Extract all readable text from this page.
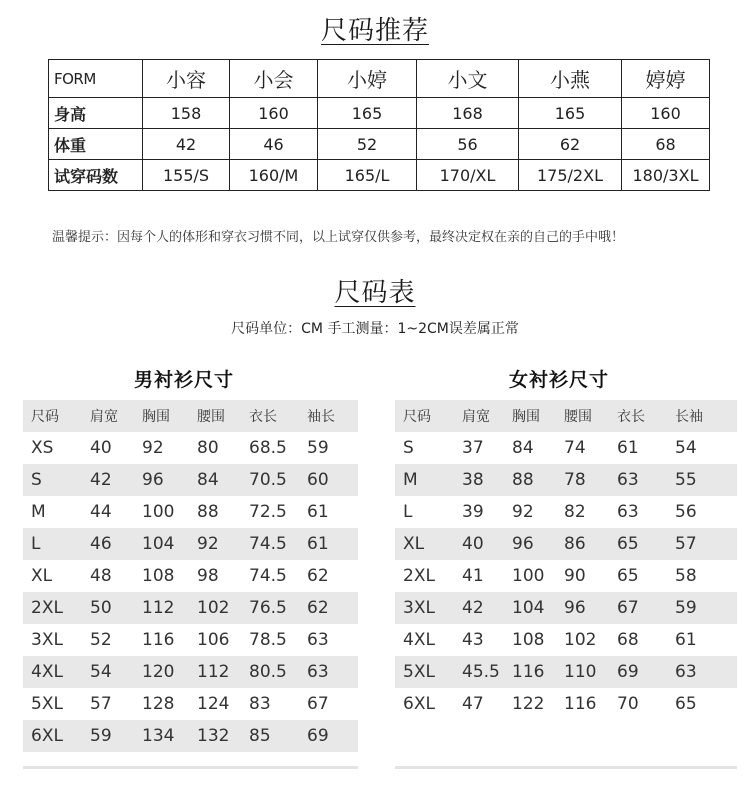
尺码推荐
FORM	小容	小会	小婷	小文	小燕	婷婷
身高	158	160	165	168	165	160
体重	42	46	52	56	62	68
试穿码数	155/S	160/M	165/L	170/XL	175/2XL	180/3XL
温馨提示：因每个人的体形和穿衣习惯不同，以上试穿仅供参考，最终决定权在亲的自己的手中哦！
尺码表
尺码单位：CM 手工测量：1~2CM误差属正常
男衬衫尺寸	女衬衫尺寸
尺码	肩宽	胸围	腰围	衣长	袖长
XS	40	92	80	68.5	59
S	42	96	84	70.5	60
M	44	100	88	72.5	61
L	46	104	92	74.5	61
XL	48	108	98	74.5	62
2XL	50	112	102	76.5	62
3XL	52	116	106	78.5	63
4XL	54	120	112	80.5	63
5XL	57	128	124	83	67
6XL	59	134	132	85	69
尺码	肩宽	胸围	腰围	衣长	长袖
S	37	84	74	61	54
M	38	88	78	63	55
L	39	92	82	63	56
XL	40	96	86	65	57
2XL	41	100	90	65	58
3XL	42	104	96	67	59
4XL	43	108	102	68	61
5XL	45.5	116	110	69	63
6XL	47	122	116	70	65
